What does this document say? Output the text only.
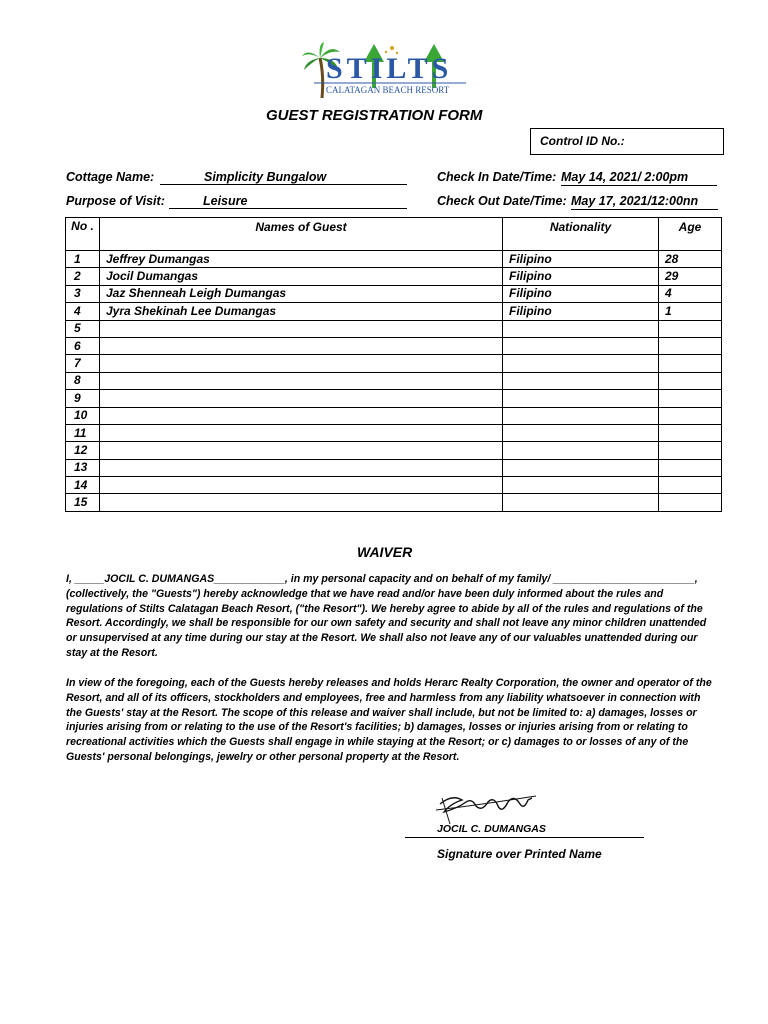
STILTS
CALATAGAN BEACH RESORT
GUEST REGISTRATION FORM
Control ID No.:
Cottage Name:	Simplicity Bungalow
Purpose of Visit:	Leisure
Check In Date/Time: May 14, 2021/ 2:00pm
Check Out Date/Time: May 17, 2021/12:00nn
No .	Names of Guest	Nationality	Age
1	Jeffrey Dumangas	Filipino	28
2	Jocil Dumangas	Filipino	29
3	Jaz Shenneah Leigh Dumangas	Filipino	4
4	Jyra Shekinah Lee Dumangas	Filipino	1
5			
6			
7			
8			
9			
10			
11			
12			
13			
14			
15			
WAIVER
I, _____JOCIL C. DUMANGAS____________, in my personal capacity and on behalf of my family/ ________________________, (collectively, the "Guests") hereby acknowledge that we have read and/or have been duly informed about the rules and regulations of Stilts Calatagan Beach Resort, ("the Resort"). We hereby agree to abide by all of the rules and regulations of the Resort. Accordingly, we shall be responsible for our own safety and security and shall not leave any minor children unattended or unsupervised at any time during our stay at the Resort. We shall also not leave any of our valuables unattended during our stay at the Resort.
In view of the foregoing, each of the Guests hereby releases and holds Herarc Realty Corporation, the owner and operator of the Resort, and all of its officers, stockholders and employees, free and harmless from any liability whatsoever in connection with the Guests' stay at the Resort. The scope of this release and waiver shall include, but not be limited to: a) damages, losses or injuries arising from or relating to the use of the Resort's facilities; b) damages, losses or injuries arising from or relating to recreational activities which the Guests shall engage in while staying at the Resort; or c) damages to or losses of any of the Guests' personal belongings, jewelry or other personal property at the Resort.
JOCIL C. DUMANGAS
Signature over Printed Name
